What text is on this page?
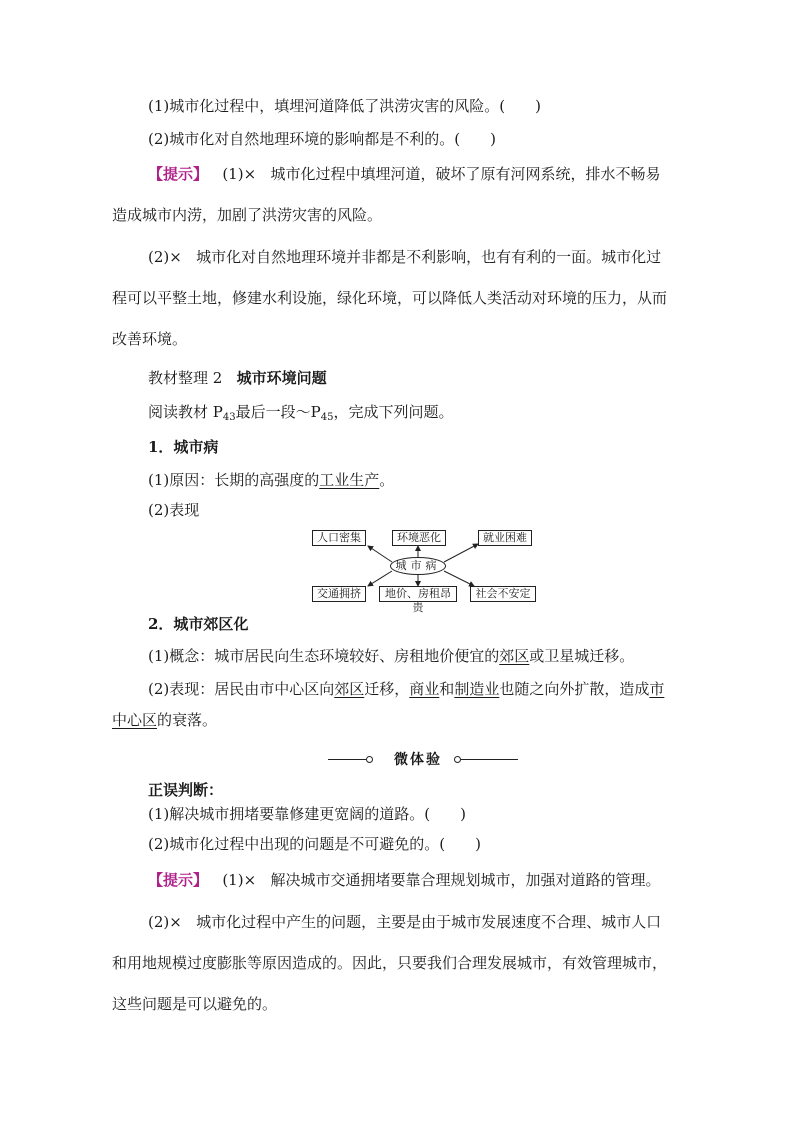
(1)城市化过程中，填埋河道降低了洪涝灾害的风险。(　　)
(2)城市化对自然地理环境的影响都是不利的。(　　)
【提示】 (1)× 城市化过程中填埋河道，破坏了原有河网系统，排水不畅易
造成城市内涝，加剧了洪涝灾害的风险。
(2)× 城市化对自然地理环境并非都是不利影响，也有有利的一面。城市化过
程可以平整土地，修建水利设施，绿化环境，可以降低人类活动对环境的压力，从而
改善环境。
教材整理 2 城市环境问题
阅读教材 $P_{43}$最后一段$\sim P_{45}$，完成下列问题。
1．城市病
(1)原因：长期的高强度的工业生产。
(2)表现
人口密集	环境恶化	就业困难
城市病
交通拥挤	地价、房租昂贵
社会不安定
2．城市郊区化
(1)概念：城市居民向生态环境较好、房租地价便宜的郊区或卫星城迁移。
(2)表现：居民由市中心区向郊区迁移，商业和制造业也随之向外扩散，造成市
中心区的衰落。
微体验
正误判断：
(1)解决城市拥堵要靠修建更宽阔的道路。(　　)
(2)城市化过程中出现的问题是不可避免的。(　　)
【提示】 (1)× 解决城市交通拥堵要靠合理规划城市，加强对道路的管理。
(2)× 城市化过程中产生的问题，主要是由于城市发展速度不合理、城市人口
和用地规模过度膨胀等原因造成的。因此，只要我们合理发展城市，有效管理城市，
这些问题是可以避免的。
